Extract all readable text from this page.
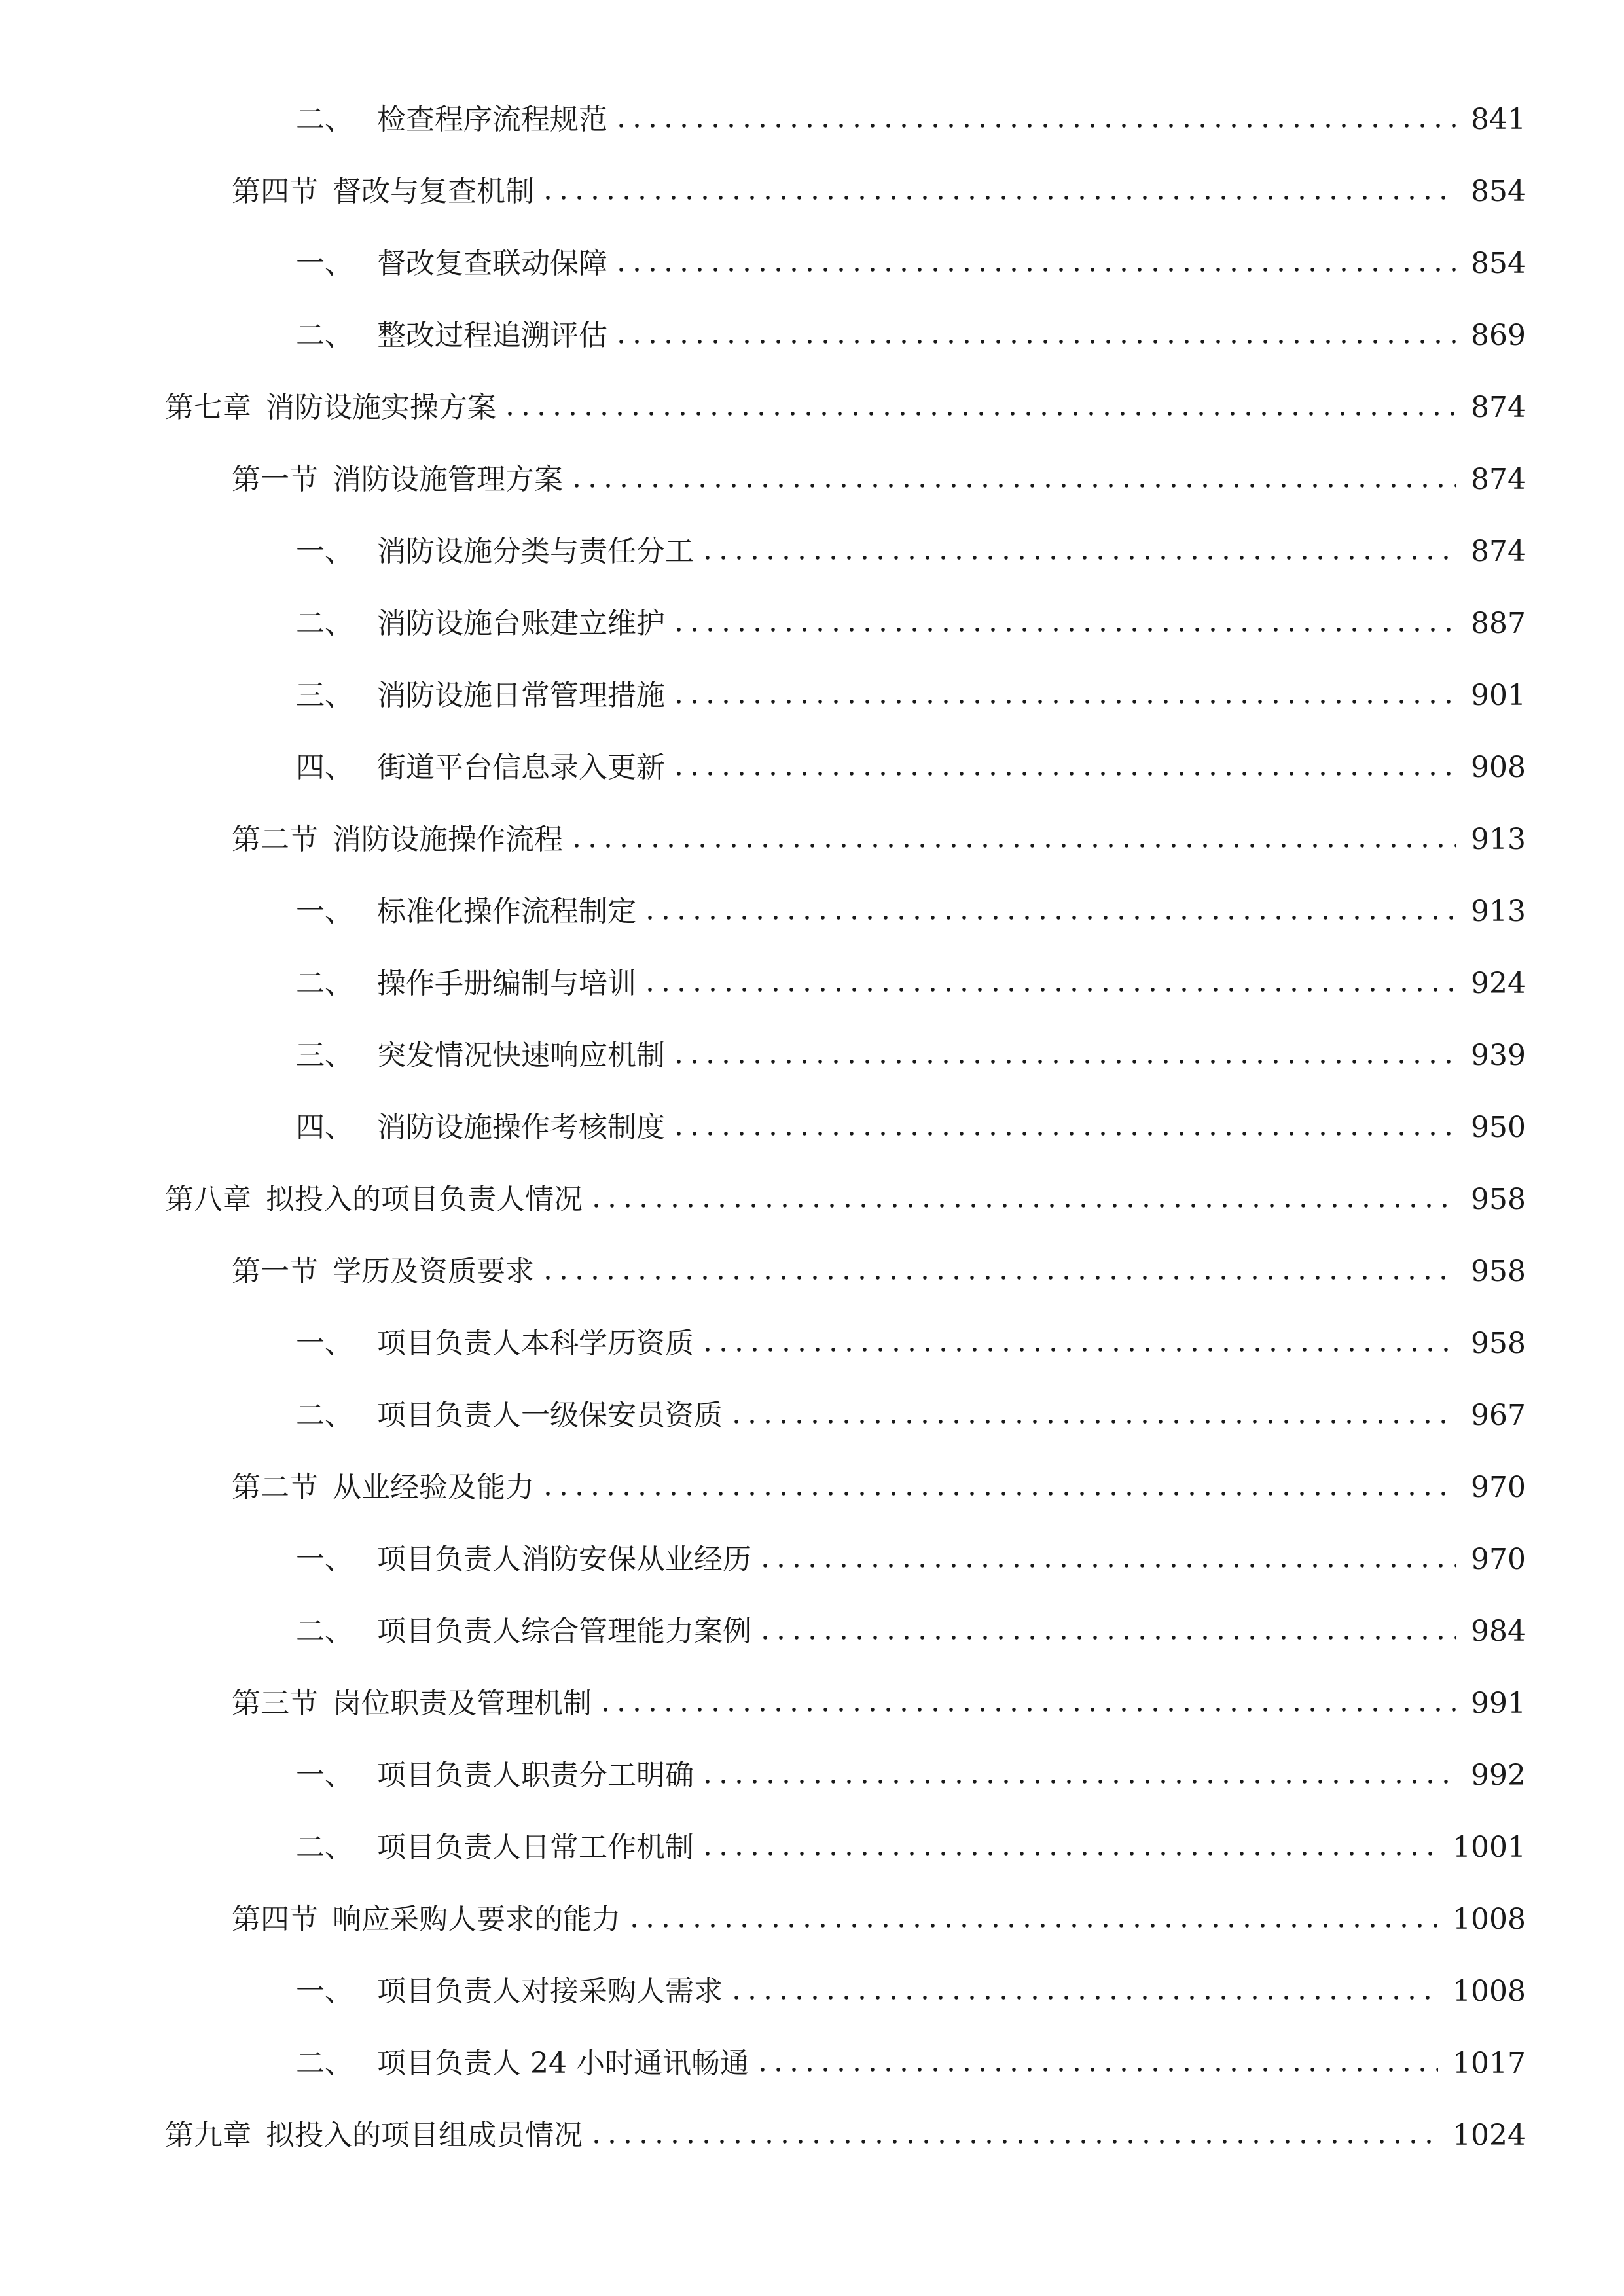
二、 检查程序流程规范	841
第四节 督改与复查机制	854
一、 督改复查联动保障	854
二、 整改过程追溯评估	869
第七章 消防设施实操方案	874
第一节 消防设施管理方案	874
一、 消防设施分类与责任分工	874
二、 消防设施台账建立维护	887
三、 消防设施日常管理措施	901
四、 街道平台信息录入更新	908
第二节 消防设施操作流程	913
一、 标准化操作流程制定	913
二、 操作手册编制与培训	924
三、 突发情况快速响应机制	939
四、 消防设施操作考核制度	950
第八章 拟投入的项目负责人情况	958
第一节 学历及资质要求	958
一、 项目负责人本科学历资质	958
二、 项目负责人一级保安员资质	967
第二节 从业经验及能力	970
一、 项目负责人消防安保从业经历	970
二、 项目负责人综合管理能力案例	984
第三节 岗位职责及管理机制	991
一、 项目负责人职责分工明确	992
二、 项目负责人日常工作机制	1001
第四节 响应采购人要求的能力	1008
一、 项目负责人对接采购人需求	1008
二、 项目负责人 24 小时通讯畅通	1017
第九章 拟投入的项目组成员情况	1024
